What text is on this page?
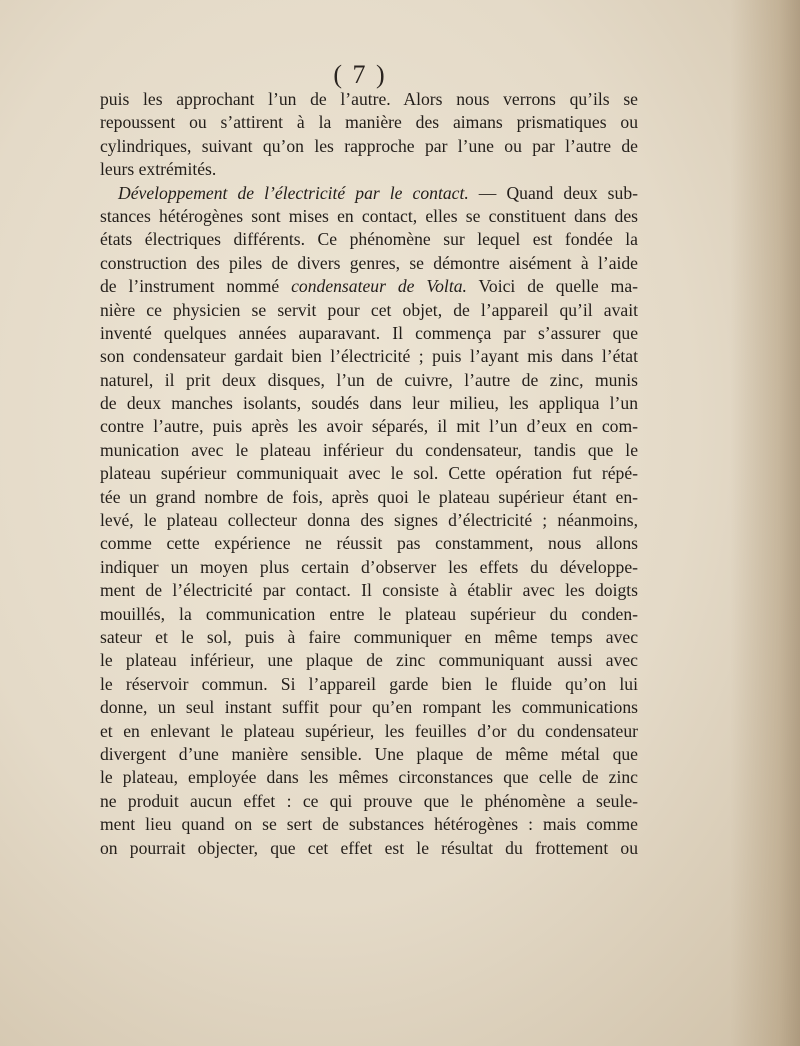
( 7 )
puis les approchant l’un de l’autre. Alors nous verrons qu’ils se
repoussent ou s’attirent à la manière des aimans prismatiques ou
cylindriques, suivant qu’on les rapproche par l’une ou par l’autre de
leurs extrémités.
Développement de l’électricité par le contact. — Quand deux sub-
stances hétérogènes sont mises en contact, elles se constituent dans des
états électriques différents. Ce phénomène sur lequel est fondée la
construction des piles de divers genres, se démontre aisément à l’aide
de l’instrument nommé condensateur de Volta. Voici de quelle ma-
nière ce physicien se servit pour cet objet, de l’appareil qu’il avait
inventé quelques années auparavant. Il commença par s’assurer que
son condensateur gardait bien l’électricité ; puis l’ayant mis dans l’état
naturel, il prit deux disques, l’un de cuivre, l’autre de zinc, munis
de deux manches isolants, soudés dans leur milieu, les appliqua l’un
contre l’autre, puis après les avoir séparés, il mit l’un d’eux en com-
munication avec le plateau inférieur du condensateur, tandis que le
plateau supérieur communiquait avec le sol. Cette opération fut répé-
tée un grand nombre de fois, après quoi le plateau supérieur étant en-
levé, le plateau collecteur donna des signes d’électricité ; néanmoins,
comme cette expérience ne réussit pas constamment, nous allons
indiquer un moyen plus certain d’observer les effets du développe-
ment de l’électricité par contact. Il consiste à établir avec les doigts
mouillés, la communication entre le plateau supérieur du conden-
sateur et le sol, puis à faire communiquer en même temps avec
le plateau inférieur, une plaque de zinc communiquant aussi avec
le réservoir commun. Si l’appareil garde bien le fluide qu’on lui
donne, un seul instant suffit pour qu’en rompant les communications
et en enlevant le plateau supérieur, les feuilles d’or du condensateur
divergent d’une manière sensible. Une plaque de même métal que
le plateau, employée dans les mêmes circonstances que celle de zinc
ne produit aucun effet : ce qui prouve que le phénomène a seule-
ment lieu quand on se sert de substances hétérogènes : mais comme
on pourrait objecter, que cet effet est le résultat du frottement ou
